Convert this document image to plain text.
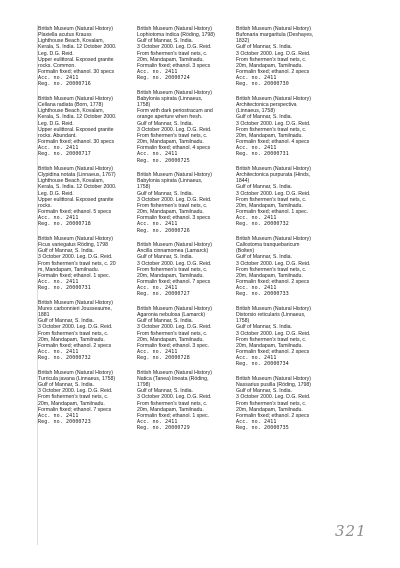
British Museum (Natural History)
Plaxiella acutus Krauss
Lighthouse Beach, Kovalam,
Kerala, S. India. 12 October 2000.
Leg. D.G. Reid.
Upper eulittoral. Exposed granite
rocks. Common.
Formalin fixed; ethanol. 30 specs
Acc. no. 2411
Reg. no. 20000716
British Museum (Natural History)
Cellana radiata (Born, 1778)
Lighthouse Beach, Kovalam,
Kerala, S. India. 12 October 2000.
Leg. D.G. Reid.
Upper eulittoral. Exposed granite
rocks. Abundant.
Formalin fixed; ethanol. 30 specs
Acc. no. 2411
Reg. no. 20000717
British Museum (Natural History)
Clypidina notata (Linnaeus, 1767)
Lighthouse Beach, Kovalam,
Kerala, S. India. 12 October 2000.
Leg. D.G. Reid.
Upper eulittoral. Exposed granite
rocks.
Formalin fixed; ethanol. 5 specs
Acc. no. 2411
Reg. no. 20000718
British Museum (Natural History)
Ficus variegatus Röding, 1798
Gulf of Mannar, S. India.
3 October 2000. Leg. D.G. Reid.
From fishermen's trawl nets, c. 20
m, Mandapam, Tamilnadu.
Formalin fixed; ethanol. 1 spec.
Acc. no. 2411
Reg. no. 20000731
British Museum (Natural History)
Murex carbonnieri Jousseaume,
1881
Gulf of Mannar, S. India.
3 October 2000. Leg. D.G. Reid.
From fishermen's trawl nets, c.
20m, Mandapam, Tamilnadu.
Formalin fixed; ethanol. 2 specs
Acc. no. 2411
Reg. no. 20000732
British Museum (Natural History)
Turricula javana (Linnaeus, 1758)
Gulf of Mannar, S. India.
3 October 2000. Leg. D.G. Reid.
From fishermen's trawl nets, c.
20m, Mandapam, Tamilnadu.
Formalin fixed; ethanol. 7 specs
Acc. no. 2411
Reg. no. 20000723
British Museum (Natural History)
Lophiotoma indica (Röding, 1798)
Gulf of Mannar, S. India.
3 October 2000. Leg. D.G. Reid.
From fishermen's trawl nets, c.
20m, Mandapam, Tamilnadu.
Formalin fixed; ethanol. 3 specs
Acc. no. 2411
Reg. no. 20000724
British Museum (Natural History)
Babylonia spirata (Linnaeus,
1758)
Form with dark periostracum and
orange aperture when fresh.
Gulf of Mannar, S. India.
3 October 2000. Leg. D.G. Reid.
From fishermen's trawl nets, c.
20m, Mandapam, Tamilnadu.
Formalin fixed; ethanol. 4 specs
Acc. no. 2411
Reg. no. 20000725
British Museum (Natural History)
Babylonia spirata (Linnaeus,
1758)
Gulf of Mannar, S. India.
3 October 2000. Leg. D.G. Reid.
From fishermen's trawl nets, c.
20m, Mandapam, Tamilnadu.
Formalin fixed; ethanol. 3 specs
Acc. no. 2411
Reg. no. 20000726
British Museum (Natural History)
Ancilla cinnamomea (Lamarck)
Gulf of Mannar, S. India.
3 October 2000. Leg. D.G. Reid.
From fishermen's trawl nets, c.
20m, Mandapam, Tamilnadu.
Formalin fixed; ethanol. 7 specs
Acc. no. 2411
Reg. no. 20000727
British Museum (Natural History)
Agaronia nebulosa (Lamarck)
Gulf of Mannar, S. India.
3 October 2000. Leg. D.G. Reid.
From fishermen's trawl nets, c.
20m, Mandapam, Tamilnadu.
Formalin fixed; ethanol. 3 spec.
Acc. no. 2411
Reg. no. 20000728
British Museum (Natural History)
Natica (Tanea) lineata (Röding,
1798)
Gulf of Mannar, S. India.
3 October 2000. Leg. D.G. Reid.
From fishermen's trawl nets, c.
20m, Mandapam, Tamilnadu.
Formalin fixed; ethanol. 1 spec.
Acc. no. 2411
Reg. no. 20000729
British Museum (Natural History)
Bufonaria margaritula (Deshayes,
1832)
Gulf of Mannar, S. India.
3 October 2000. Leg. D.G. Reid.
From fishermen's trawl nets, c.
20m, Mandapam, Tamilnadu.
Formalin fixed; ethanol. 2 specs
Acc. no. 2411
Reg. no. 20000730
British Museum (Natural History)
Architectonica perspectiva
(Linnaeus, 1758)
Gulf of Mannar, S. India.
3 October 2000. Leg. D.G. Reid.
From fishermen's trawl nets, c.
20m, Mandapam, Tamilnadu.
Formalin fixed; ethanol. 4 specs
Acc. no. 2411
Reg. no. 20000731
British Museum (Natural History)
Architectonica purpurata (Hinds,
1844)
Gulf of Mannar, S. India.
3 October 2000. Leg. D.G. Reid.
From fishermen's trawl nets, c.
20m, Mandapam, Tamilnadu.
Formalin fixed; ethanol. 1 spec.
Acc. no. 2411
Reg. no. 20000732
British Museum (Natural History)
Callostoma tranquebaricum
(Bolten)
Gulf of Mannar, S. India.
3 October 2000. Leg. D.G. Reid.
From fishermen's trawl nets, c.
20m, Mandapam, Tamilnadu.
Formalin fixed; ethanol. 2 specs
Acc. no. 2411
Reg. no. 20000733
British Museum (Natural History)
Distorsio reticularis (Linnaeus,
1758)
Gulf of Mannar, S. India.
3 October 2000. Leg. D.G. Reid.
From fishermen's trawl nets, c.
20m, Mandapam, Tamilnadu.
Formalin fixed; ethanol. 2 specs
Acc. no. 2411
Reg. no. 20000734
British Museum (Natural History)
Nassarius pusilla (Röding, 1798)
Gulf of Mannar, S. India.
3 October 2000. Leg. D.G. Reid.
From fishermen's trawl nets, c.
20m, Mandapam, Tamilnadu.
Formalin fixed; ethanol. 2 specs
Acc. no. 2411
Reg. no. 20000735
321
